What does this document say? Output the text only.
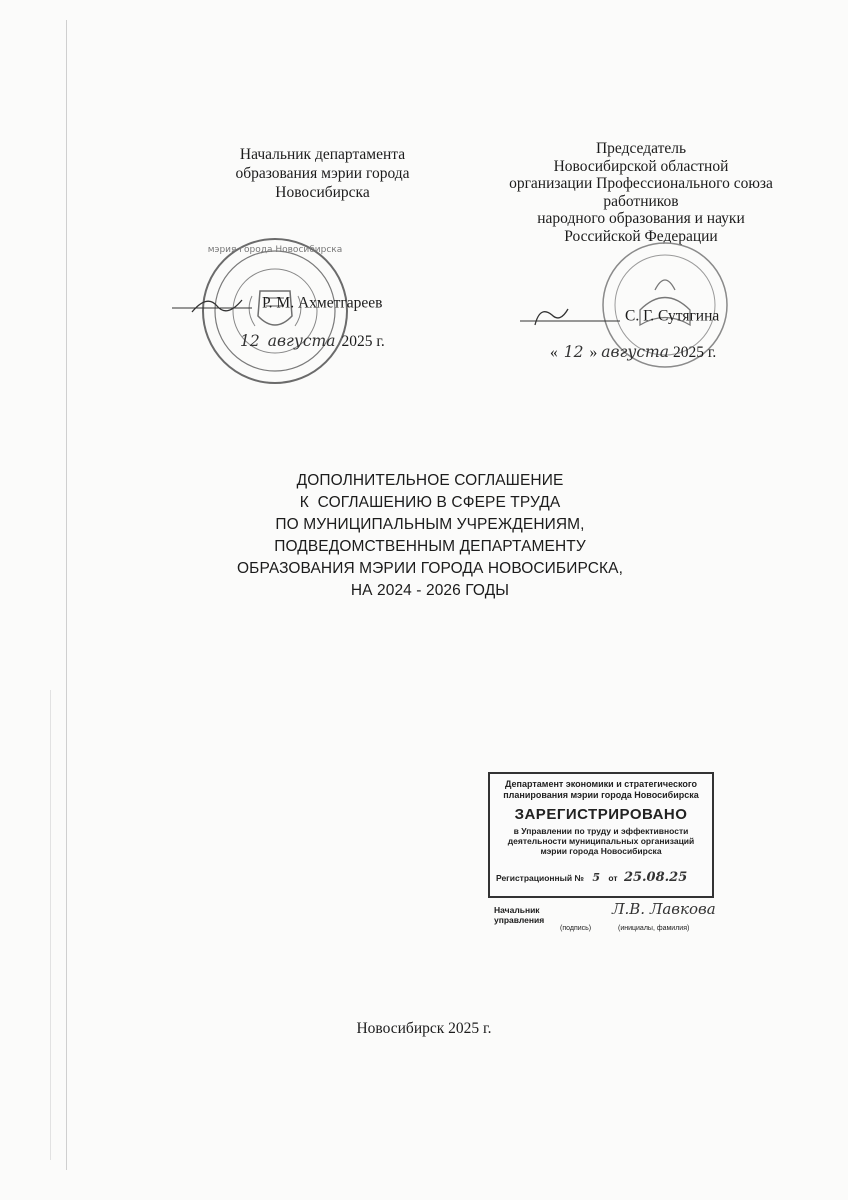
Начальник департамента
образования мэрии города
Новосибирска
мэрия города Новосибирска
Р. М. Ахметгареев
12 августа 2025 г.
Председатель
Новосибирской областной
организации Профессионального союза
работников
народного образования и науки
Российской Федерации
С. Г. Сутягина
« 12 » августа 2025 г.
ДОПОЛНИТЕЛЬНОЕ СОГЛАШЕНИЕ
К  СОГЛАШЕНИЮ В СФЕРЕ ТРУДА
ПО МУНИЦИПАЛЬНЫМ УЧРЕЖДЕНИЯМ,
ПОДВЕДОМСТВЕННЫМ ДЕПАРТАМЕНТУ
ОБРАЗОВАНИЯ МЭРИИ ГОРОДА НОВОСИБИРСКА,
НА 2024 - 2026 ГОДЫ
Департамент экономики и стратегического
планирования мэрии города Новосибирска
ЗАРЕГИСТРИРОВАНО
в Управлении по труду и эффективности
деятельности муниципальных организаций
мэрии города Новосибирска
Регистрационный № 5 от 25.08.25
Начальник
управления
Л.В. Лавкова
(подпись)	(инициалы, фамилия)
Новосибирск 2025 г.
